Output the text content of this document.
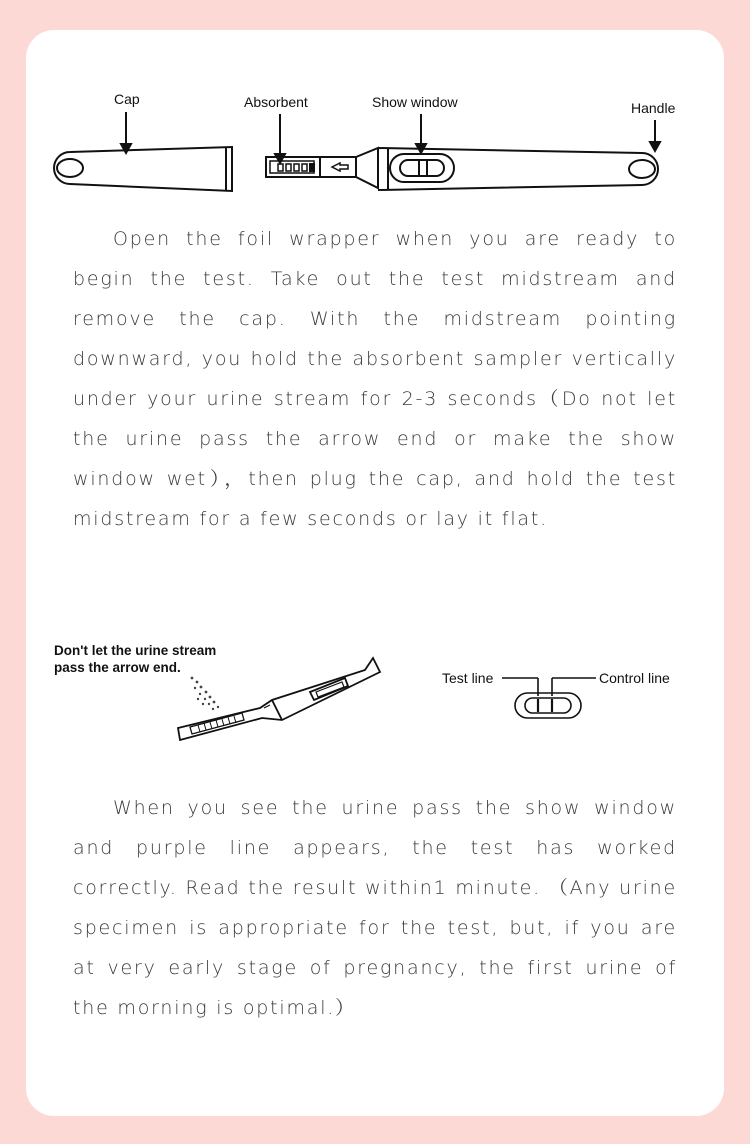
Cap	Absorbent	Show window	Handle

Open the foil wrapper when you are ready to begin the test. Take out the test midstream and remove the cap. With the midstream pointing downward, you hold the absorbent sampler vertically under your urine stream for 2-3 seconds（Do not let the urine pass the arrow end or make the show window wet），then plug the cap, and hold the test midstream for a few seconds or lay it flat.

Don't let the urine stream
pass the arrow end.
Test line	Control line

When you see the urine pass the show window and purple line appears, the test has worked correctly. Read the result within1 minute. （Any urine specimen is appropriate for the test, but, if you are at very early stage of pregnancy, the first urine of the morning is optimal.）
